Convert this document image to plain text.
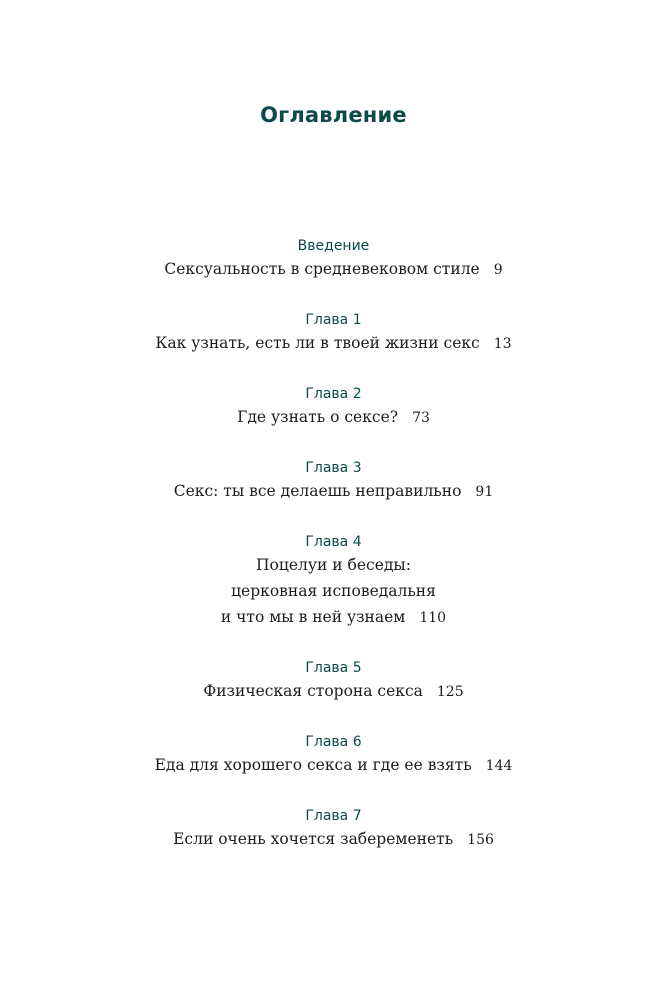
Оглавление
Введение
Сексуальность в средневековом стиле 9
Глава 1
Как узнать, есть ли в твоей жизни секс 13
Глава 2
Где узнать о сексе? 73
Глава 3
Секс: ты все делаешь неправильно 91
Глава 4
Поцелуи и беседы:
церковная исповедальня
и что мы в ней узнаем 110
Глава 5
Физическая сторона секса 125
Глава 6
Еда для хорошего секса и где ее взять 144
Глава 7
Если очень хочется забеременеть 156
